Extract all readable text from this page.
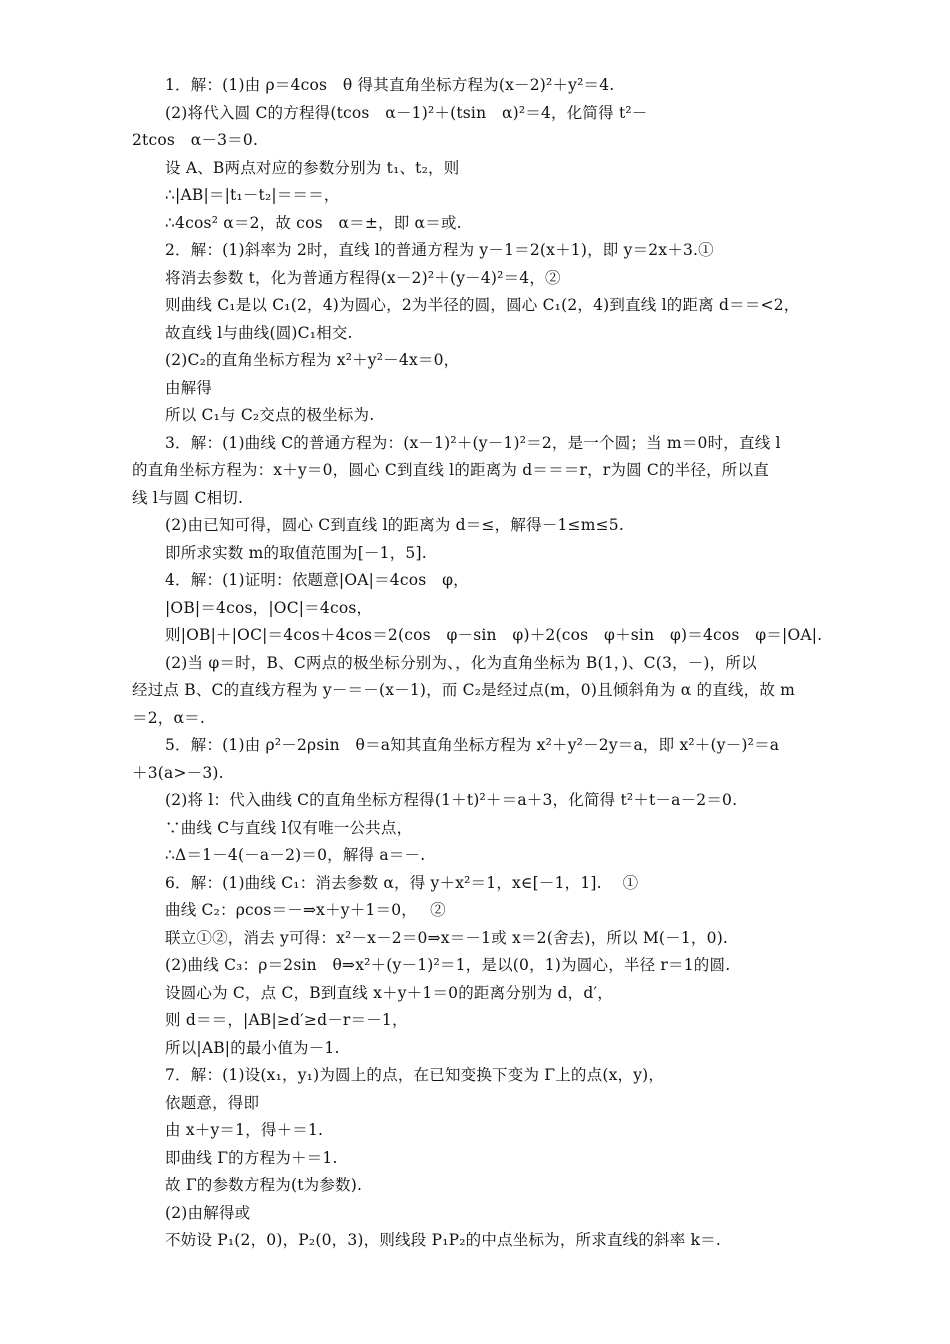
1．解：(1)由 ρ＝4cos　θ 得其直角坐标方程为(x－2)²＋y²＝4.
(2)将代入圆 C的方程得(tcos　α－1)²＋(tsin　α)²＝4，化简得 t²－
2tcos　α－3＝0.
设 A、B两点对应的参数分别为 t₁、t₂，则
∴|AB|＝|t₁－t₂|＝＝＝，
∴4cos² α＝2，故 cos　α＝±，即 α＝或.
2．解：(1)斜率为 2时，直线 l的普通方程为 y－1＝2(x＋1)，即 y＝2x＋3.①
将消去参数 t，化为普通方程得(x－2)²＋(y－4)²＝4，②
则曲线 C₁是以 C₁(2，4)为圆心，2为半径的圆，圆心 C₁(2，4)到直线 l的距离 d＝＝<2，
故直线 l与曲线(圆)C₁相交.
(2)C₂的直角坐标方程为 x²＋y²－4x＝0，
由解得
所以 C₁与 C₂交点的极坐标为.
3．解：(1)曲线 C的普通方程为：(x－1)²＋(y－1)²＝2，是一个圆；当 m＝0时，直线 l
的直角坐标方程为：x＋y＝0，圆心 C到直线 l的距离为 d＝＝＝r，r为圆 C的半径，所以直
线 l与圆 C相切.
(2)由已知可得，圆心 C到直线 l的距离为 d＝≤，解得－1≤m≤5.
即所求实数 m的取值范围为[－1，5].
4．解：(1)证明：依题意|OA|＝4cos　φ，
|OB|＝4cos，|OC|＝4cos，
则|OB|＋|OC|＝4cos＋4cos＝2(cos　φ－sin　φ)＋2(cos　φ＋sin　φ)＝4cos　φ＝|OA|.
(2)当 φ＝时，B、C两点的极坐标分别为、，化为直角坐标为 B(1，)、C(3，－)，所以
经过点 B、C的直线方程为 y－＝－(x－1)，而 C₂是经过点(m，0)且倾斜角为 α 的直线，故 m
＝2，α＝.
5．解：(1)由 ρ²－2ρsin　θ＝a知其直角坐标方程为 x²＋y²－2y＝a，即 x²＋(y－)²＝a
＋3(a>－3).
(2)将 l：代入曲线 C的直角坐标方程得(1＋t)²＋＝a＋3，化简得 t²＋t－a－2＝0.
∵曲线 C与直线 l仅有唯一公共点，
∴Δ＝1－4(－a－2)＝0，解得 a＝－.
6．解：(1)曲线 C₁：消去参数 α，得 y＋x²＝1，x∈[－1，1].　 ①
曲线 C₂：ρcos＝－⇒x＋y＋1＝0，　 ②
联立①②，消去 y可得：x²－x－2＝0⇒x＝－1或 x＝2(舍去)，所以 M(－1，0).
(2)曲线 C₃：ρ＝2sin　θ⇒x²＋(y－1)²＝1，是以(0，1)为圆心，半径 r＝1的圆.
设圆心为 C，点 C，B到直线 x＋y＋1＝0的距离分别为 d，d′，
则 d＝＝，|AB|≥d′≥d－r＝－1，
所以|AB|的最小值为－1.
7．解：(1)设(x₁，y₁)为圆上的点，在已知变换下变为 Γ上的点(x，y)，
依题意，得即
由 x＋y＝1，得＋＝1.
即曲线 Γ的方程为＋＝1.
故 Γ的参数方程为(t为参数).
(2)由解得或
不妨设 P₁(2，0)，P₂(0，3)，则线段 P₁P₂的中点坐标为，所求直线的斜率 k＝.
